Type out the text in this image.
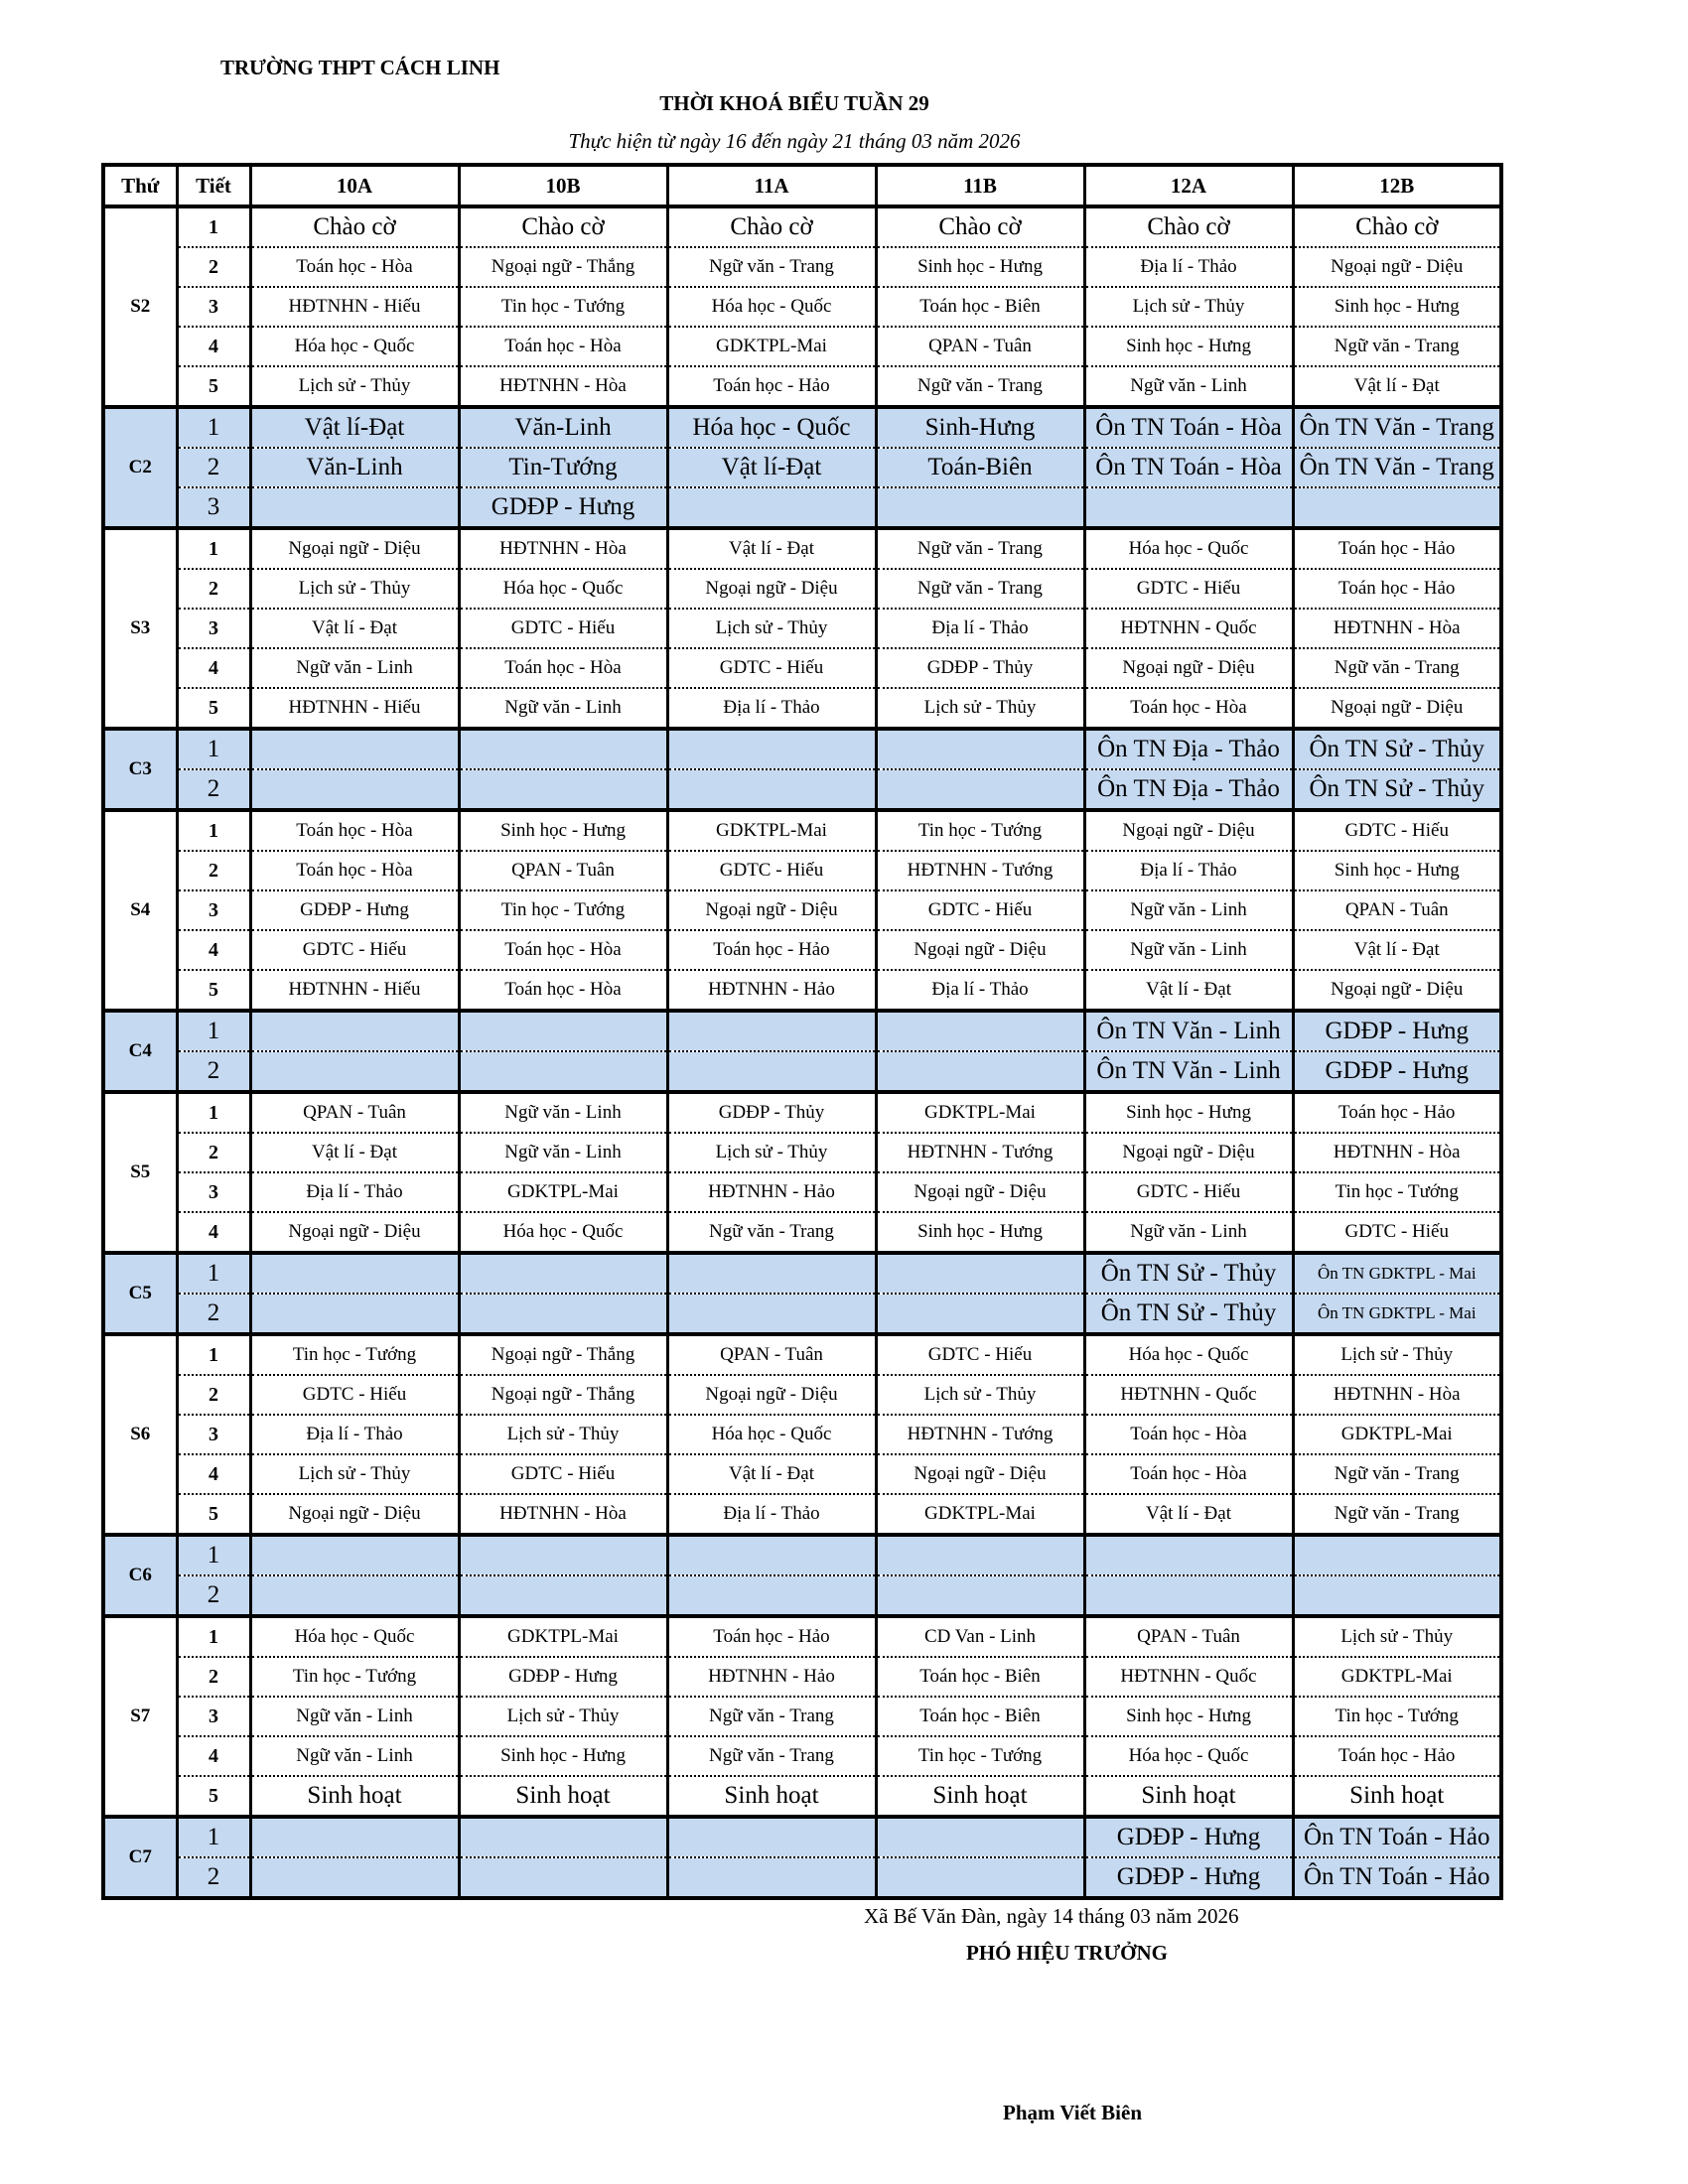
TRƯỜNG THPT CÁCH LINH
THỜI KHOÁ BIỂU TUẦN 29
Thực hiện từ ngày 16 đến ngày 21 tháng 03 năm 2026
Thứ	Tiết	10A	10B	11A	11B	12A	12B
S2	1	Chào cờ	Chào cờ	Chào cờ	Chào cờ	Chào cờ	Chào cờ
	2	Toán học - Hòa	Ngoại ngữ - Thắng	Ngữ văn - Trang	Sinh học - Hưng	Địa lí - Thảo	Ngoại ngữ - Diệu
	3	HĐTNHN - Hiếu	Tin học - Tướng	Hóa học - Quốc	Toán học - Biên	Lịch sử - Thủy	Sinh học - Hưng
	4	Hóa học - Quốc	Toán học - Hòa	GDKTPL-Mai	QPAN - Tuân	Sinh học - Hưng	Ngữ văn - Trang
	5	Lịch sử - Thủy	HĐTNHN - Hòa	Toán học - Hảo	Ngữ văn - Trang	Ngữ văn - Linh	Vật lí - Đạt
C2	1	Vật lí-Đạt	Văn-Linh	Hóa học - Quốc	Sinh-Hưng	Ôn TN Toán - Hòa	Ôn TN Văn - Trang
	2	Văn-Linh	Tin-Tướng	Vật lí-Đạt	Toán-Biên	Ôn TN Toán - Hòa	Ôn TN Văn - Trang
	3		GDĐP - Hưng				
S3	1	Ngoại ngữ - Diệu	HĐTNHN - Hòa	Vật lí - Đạt	Ngữ văn - Trang	Hóa học - Quốc	Toán học - Hảo
	2	Lịch sử - Thủy	Hóa học - Quốc	Ngoại ngữ - Diệu	Ngữ văn - Trang	GDTC - Hiếu	Toán học - Hảo
	3	Vật lí - Đạt	GDTC - Hiếu	Lịch sử - Thủy	Địa lí - Thảo	HĐTNHN - Quốc	HĐTNHN - Hòa
	4	Ngữ văn - Linh	Toán học - Hòa	GDTC - Hiếu	GDĐP - Thủy	Ngoại ngữ - Diệu	Ngữ văn - Trang
	5	HĐTNHN - Hiếu	Ngữ văn - Linh	Địa lí - Thảo	Lịch sử - Thủy	Toán học - Hòa	Ngoại ngữ - Diệu
C3	1					Ôn TN Địa - Thảo	Ôn TN Sử - Thủy
	2					Ôn TN Địa - Thảo	Ôn TN Sử - Thủy
S4	1	Toán học - Hòa	Sinh học - Hưng	GDKTPL-Mai	Tin học - Tướng	Ngoại ngữ - Diệu	GDTC - Hiếu
	2	Toán học - Hòa	QPAN - Tuân	GDTC - Hiếu	HĐTNHN - Tướng	Địa lí - Thảo	Sinh học - Hưng
	3	GDĐP - Hưng	Tin học - Tướng	Ngoại ngữ - Diệu	GDTC - Hiếu	Ngữ văn - Linh	QPAN - Tuân
	4	GDTC - Hiếu	Toán học - Hòa	Toán học - Hảo	Ngoại ngữ - Diệu	Ngữ văn - Linh	Vật lí - Đạt
	5	HĐTNHN - Hiếu	Toán học - Hòa	HĐTNHN - Hảo	Địa lí - Thảo	Vật lí - Đạt	Ngoại ngữ - Diệu
C4	1					Ôn TN Văn - Linh	GDĐP - Hưng
	2					Ôn TN Văn - Linh	GDĐP - Hưng
S5	1	QPAN - Tuân	Ngữ văn - Linh	GDĐP - Thủy	GDKTPL-Mai	Sinh học - Hưng	Toán học - Hảo
	2	Vật lí - Đạt	Ngữ văn - Linh	Lịch sử - Thủy	HĐTNHN - Tướng	Ngoại ngữ - Diệu	HĐTNHN - Hòa
	3	Địa lí - Thảo	GDKTPL-Mai	HĐTNHN - Hảo	Ngoại ngữ - Diệu	GDTC - Hiếu	Tin học - Tướng
	4	Ngoại ngữ - Diệu	Hóa học - Quốc	Ngữ văn - Trang	Sinh học - Hưng	Ngữ văn - Linh	GDTC - Hiếu
C5	1					Ôn TN Sử - Thủy	Ôn TN GDKTPL - Mai
	2					Ôn TN Sử - Thủy	Ôn TN GDKTPL - Mai
S6	1	Tin học - Tướng	Ngoại ngữ - Thắng	QPAN - Tuân	GDTC - Hiếu	Hóa học - Quốc	Lịch sử - Thủy
	2	GDTC - Hiếu	Ngoại ngữ - Thắng	Ngoại ngữ - Diệu	Lịch sử - Thủy	HĐTNHN - Quốc	HĐTNHN - Hòa
	3	Địa lí - Thảo	Lịch sử - Thủy	Hóa học - Quốc	HĐTNHN - Tướng	Toán học - Hòa	GDKTPL-Mai
	4	Lịch sử - Thủy	GDTC - Hiếu	Vật lí - Đạt	Ngoại ngữ - Diệu	Toán học - Hòa	Ngữ văn - Trang
	5	Ngoại ngữ - Diệu	HĐTNHN - Hòa	Địa lí - Thảo	GDKTPL-Mai	Vật lí - Đạt	Ngữ văn - Trang
C6	1						
	2						
S7	1	Hóa học - Quốc	GDKTPL-Mai	Toán học - Hảo	CD Van - Linh	QPAN - Tuân	Lịch sử - Thủy
	2	Tin học - Tướng	GDĐP - Hưng	HĐTNHN - Hảo	Toán học - Biên	HĐTNHN - Quốc	GDKTPL-Mai
	3	Ngữ văn - Linh	Lịch sử - Thủy	Ngữ văn - Trang	Toán học - Biên	Sinh học - Hưng	Tin học - Tướng
	4	Ngữ văn - Linh	Sinh học - Hưng	Ngữ văn - Trang	Tin học - Tướng	Hóa học - Quốc	Toán học - Hảo
	5	Sinh hoạt	Sinh hoạt	Sinh hoạt	Sinh hoạt	Sinh hoạt	Sinh hoạt
C7	1					GDĐP - Hưng	Ôn TN Toán - Hảo
	2					GDĐP - Hưng	Ôn TN Toán - Hảo
Xã Bế Văn Đàn, ngày 14 tháng 03 năm 2026
PHÓ HIỆU TRƯỞNG
Phạm Viết Biên
